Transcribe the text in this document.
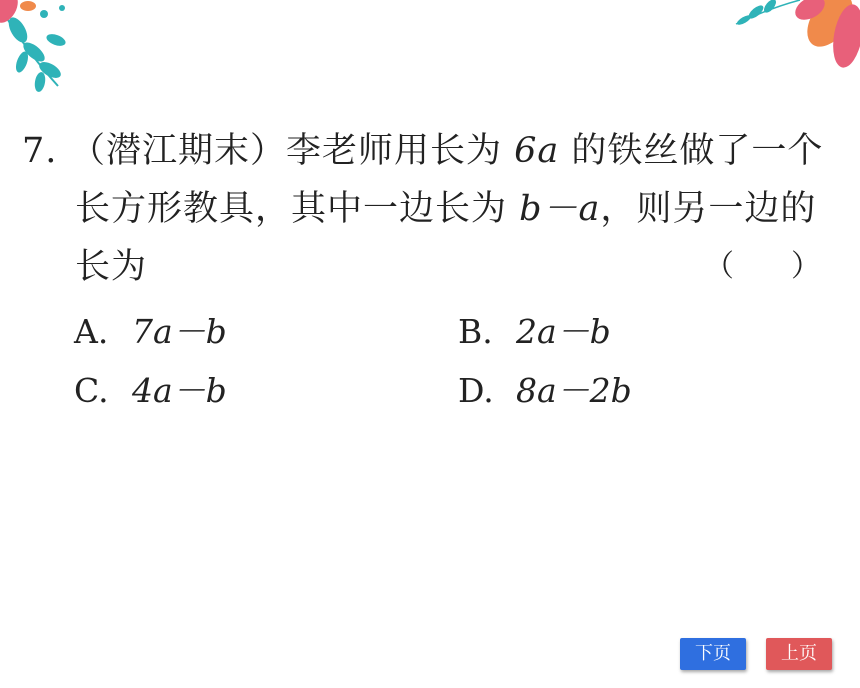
7. （潜江期末）李老师用长为 6a 的铁丝做了一个
长方形教具，其中一边长为 b－a，则另一边的
长为	（ ）
A. 7a－b	B. 2a－b
C. 4a－b	D. 8a－2b
下页	上页
